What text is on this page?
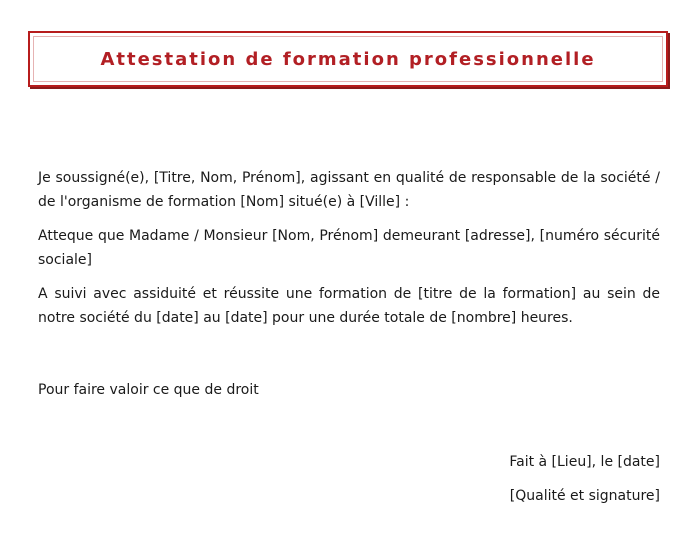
Attestation de formation professionnelle

Je soussigné(e), [Titre, Nom, Prénom], agissant en qualité de responsable de la société / de l'organisme de formation [Nom] situé(e) à [Ville] :

Atteque que Madame / Monsieur [Nom, Prénom] demeurant [adresse], [numéro sécurité sociale]

A suivi avec assiduité et réussite une formation de [titre de la formation] au sein de notre société du [date] au [date] pour une durée totale de [nombre] heures.

Pour faire valoir ce que de droit

Fait à [Lieu], le [date]

[Qualité et signature]
